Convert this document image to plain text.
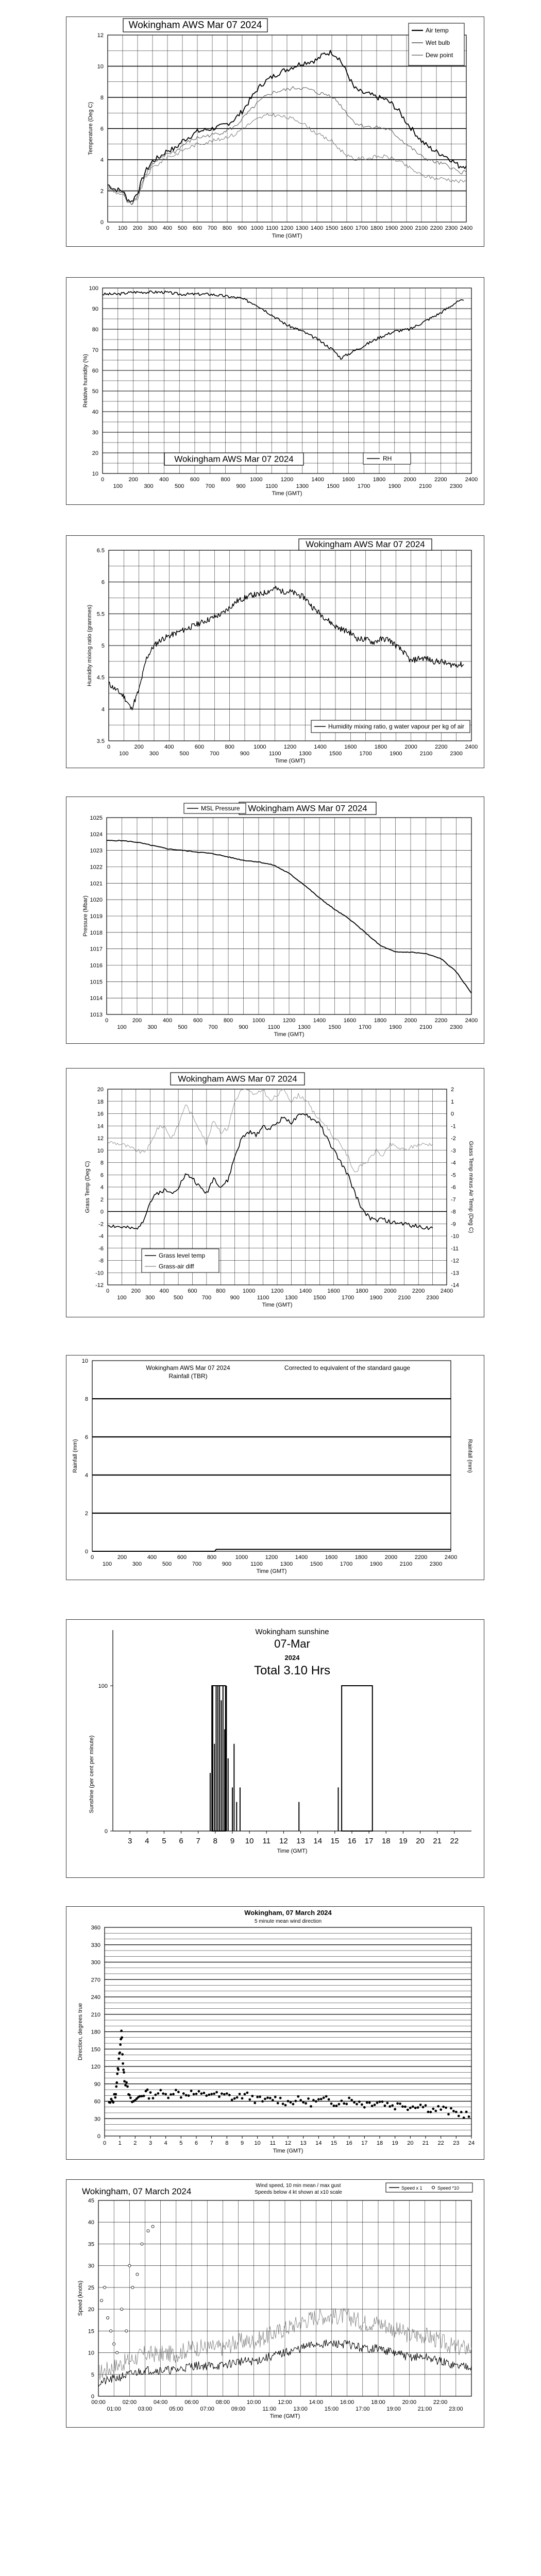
0 100 200 300 400 500 600 700 800 900 1000 1100 1200 1300 1400 1500 1600 1700 1800 1900 2000 2100 2200 2300 2400
0
2
4
6
8
10
12
Time (GMT)
Temperature (Deg C)
Wokingham AWS Mar 07 2024	Air temp
Wet bulb
Dew point
0	200	400	600	800	1000	1200	1400	1600	1800	2000	2200	2400
100	300	500	700	900	1100	1300	1500	1700	1900	2100	2300
10
20
30
40
50
60
70
80
90
100
Time (GMT)
Relative humidity (%)
Wokingham AWS Mar 07 2024	RH
0	200	400	600	800	1000	1200	1400	1600	1800	2000	2200	2400
100	300	500	700	900	1100	1300	1500	1700	1900	2100	2300
3.5
4
4.5
5
5.5
6
6.5
Time (GMT)
Humidity mixing ratio (grammes)
Wokingham AWS Mar 07 2024
Humidity mixing ratio, g water vapour per kg of air
0	200	400	600	800	1000	1200	1400	1600	1800	2000	2200	2400
100	300	500	700	900	1100	1300	1500	1700	1900	2100	2300
1013
1014
1015
1016
1017
1018
1019
1020
1021
1022
1023
1024
1025
Time (GMT)
Pressure (Mbar)
Wokingham AWS Mar 07 2024
MSL Pressure
0	200	400	600	800	1000	1200	1400	1600	1800	2000	2200	2400
100	300	500	700	900	1100	1300	1500	1700	1900	2100	2300
-12
-10
-8
-6
-4
-2
0
2
4
6
8
10
12
14
16
18
20
-14
-13
-12
-11
-10
-9
-8
-7
-6
-5
-4
-3
-2
-1
0
1
2
Time (GMT)
Grass Temp (Deg C)	Grass Temp minus Air Temp (Deg C)
Wokingham AWS Mar 07 2024
Grass level temp
Grass-air diff
0	200	400	600	800	1000	1200	1400	1600	1800	2000	2200	2400
100	300	500	700	900	1100	1300	1500	1700	1900	2100	2300
0
2
4
6
8
10
Time (GMT)
Rainfall (mm)	Rainfall (mm)
Wokingham AWS Mar 07 2024
Rainfall (TBR)
Corrected to equivalent of the standard gauge
3 4 5 6 7 8 9 10 11 12 13 14 15 16 17 18 19 20 21 22
0
100
Time (GMT)
Sunshine (per cent per minute)
Wokingham sunshine
07-Mar
2024
Total 3.10 Hrs
0 1 2 3 4 5 6 7 8 9 10 11 12 13 14 15 16 17 18 19 20 21 22 23 24
0
30
60
90
120
150
180
210
240
270
300
330
360
Time (GMT)
Direction, degrees true
Wokingham, 07 March 2024
5 minute mean wind direction
00:00	02:00	04:00	06:00	08:00	10:00	12:00	14:00	16:00	18:00	20:00	22:00
01:00	03:00	05:00	07:00	09:00	11:00	13:00	15:00	17:00	19:00	21:00	23:00
0
5
10
15
20
25
30
35
40
45
Time (GMT)
Speed (knots)
Wokingham, 07 March 2024
Wind speed, 10 min mean / max gust
Speeds below 4 kt shown at x10 scale
Speed x 1	Speed *10
